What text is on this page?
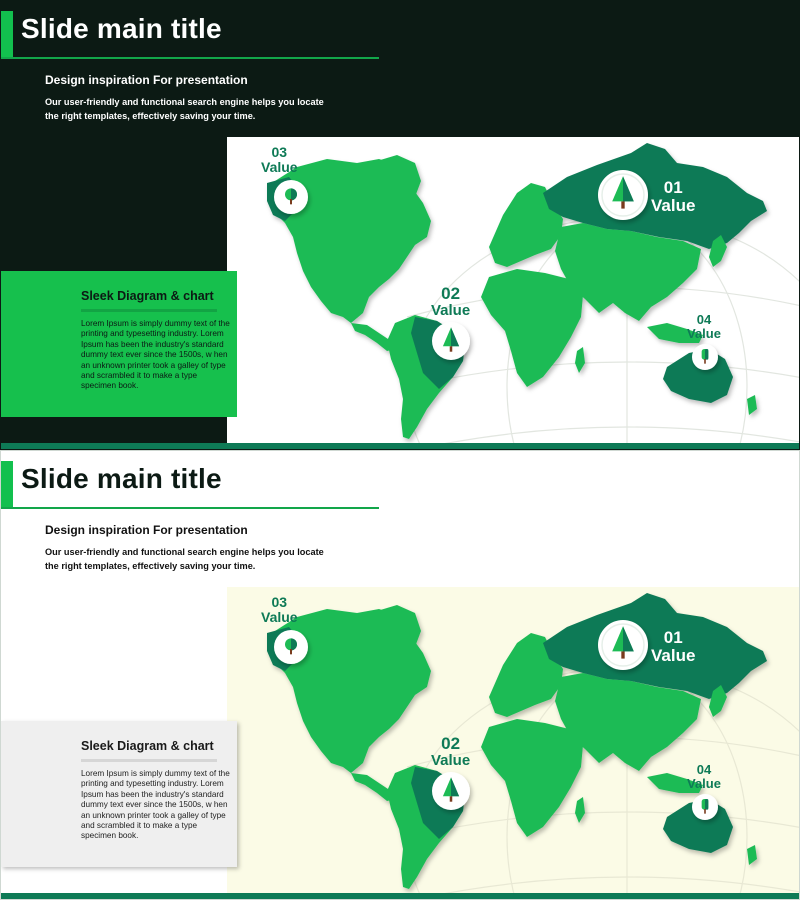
Slide main title
Design inspiration For presentation
Our user-friendly and functional search engine helps you locate the right templates, effectively saving your time.
03
Value
02
Value
01
Value
04
Value
Sleek Diagram & chart
Lorem Ipsum is simply dummy text of the printing and typesetting industry. Lorem Ipsum has been the industry's standard dummy text ever since the 1500s, w hen an unknown printer took a galley of type and scrambled it to make a type specimen book.
Slide main title
Design inspiration For presentation
Our user-friendly and functional search engine helps you locate the right templates, effectively saving your time.
03
Value
02
Value
01
Value
04
Value
Sleek Diagram & chart
Lorem Ipsum is simply dummy text of the printing and typesetting industry. Lorem Ipsum has been the industry's standard dummy text ever since the 1500s, w hen an unknown printer took a galley of type and scrambled it to make a type specimen book.
